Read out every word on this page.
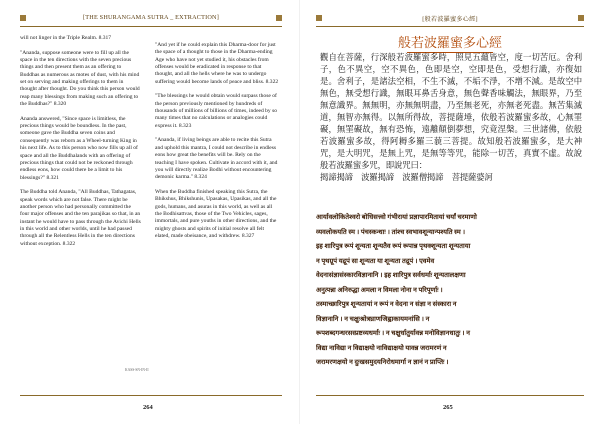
[THE SHURANGAMA SUTRA _ EXTRACTION]

will not linger in the Triple Realm. 8.317

"Ananda, suppose someone were to fill up all the space in the ten directions with the seven precious things and then present them as an offering to Buddhas as numerous as motes of dust, with his mind set on serving and making offerings to them in thought after thought. Do you think this person would reap many blessings from making such an offering to the Buddhas?" 8.320

Ananda answered, "Since space is limitless, the precious things would be boundless. In the past, someone gave the Buddha seven coins and consequently was reborn as a Wheel-turning King in his next life. As to this person who now fills up all of space and all the Buddhalands with an offering of precious things that could not be reckoned through endless eons, how could there be a limit to his blessings?" 8.321

The Buddha told Ananda, "All Buddhas, Tathagatas, speak words which are not false. There might be another person who had personally committed the four major offenses and the ten parajikas so that, in an instant he would have to pass through the Avichi Hells in this world and other worlds, until he had passed through all the Relentless Hells in the ten directions without exception. 8.322

"And yet if he could explain this Dharma-door for just the space of a thought to those in the Dharma-ending Age who have not yet studied it, his obstacles from offenses would be eradicated in response to that thought, and all the hells where he was to undergo suffering would become lands of peace and bliss. 8.322

"The blessings he would obtain would surpass those of the person previously mentioned by hundreds of thousands of millions of billions of times, indeed by so many times that no calculations or analogies could express it. 8.323

"Ananda, if living beings are able to recite this Sutra and uphold this mantra, I could not describe in endless eons how great the benefits will be. Rely on the teaching I have spoken. Cultivate in accord with it, and you will directly realize Bodhi without encountering demonic karma." 8.324

When the Buddha finished speaking this Sutra, the Bhikshus, Bhikshunis, Upasakas, Upasikas, and all the gods, humans, and asuras in this world, as well as all the Bodhisattvas, those of the Two Vehicles, sages, immortals, and pure youths in other directions, and the mighty ghosts and spirits of initial resolve all felt elated, made obeisance, and withdrew. 8.327

KASS-SN-IN-II
264
[般若波羅蜜多心經]
般若波羅蜜多心經

觀自在菩薩，行深般若波羅蜜多時，照見五蘊皆空，度一切苦厄。舍利子，色不異空，空不異色，色即是空，空即是色，受想行識，亦復如是。舍利子，是諸法空相，不生不滅，不垢不淨，不增不減。是故空中無色，無受想行識，無眼耳鼻舌身意，無色聲香味觸法，無眼界，乃至無意識界。無無明，亦無無明盡，乃至無老死，亦無老死盡。無苦集滅道，無智亦無得。以無所得故，菩提薩埵，依般若波羅蜜多故，心無罣礙，無罣礙故，無有恐怖，遠離顛倒夢想，究竟涅槃。三世諸佛，依般若波羅蜜多故，得阿耨多羅三藐三菩提。故知般若波羅蜜多，是大神咒，是大明咒，是無上咒，是無等等咒，能除一切苦，真實不虛。故說般若波羅蜜多咒，即說咒曰：

揭諦揭諦　波羅揭諦　波羅僧揭諦　菩提薩婆訶

आर्यावलोकितेश्वरो बोधिसत्त्वो गंभीरायां प्रज्ञापारमितायां चर्यां चरमाणो

व्यवलोकयति स्म । पंचस्कन्धाः । तांश्च स्वभावशून्यान्पश्यति स्म ।

इह शारिपुत्र रूपं शून्यता शून्यतैव रूपं रूपान्न पृथक्शून्यता शून्यताया

न पृथग्रूपं यद्रूपं सा शून्यता या शून्यता तद्रूपं । एवमेव

वेदनासंज्ञासंस्कारविज्ञानानि । इह शारिपुत्र सर्वधर्माः शून्यतालक्षणा

अनुत्पन्ना अनिरुद्धा अमला न विमला नोना न परिपूर्णाः ।

तस्माच्छारिपुत्र शून्यतायां न रूपं न वेदना न संज्ञा न संस्कारा न

विज्ञानानि । न चक्षुःश्रोत्रघ्राणजिह्वाकायमनांसि । न

रूपशब्दगन्धरसस्प्रष्टव्यधर्माः । न चक्षुर्धातुर्यावन्न मनोविज्ञानधातुः । न

विद्या नाविद्या न विद्याक्षयो नाविद्याक्षयो यावन्न जरामरणं न

जरामरणक्षयो न दुःखसमुदयनिरोधमार्गा न ज्ञानं न प्राप्तिः ।

265
